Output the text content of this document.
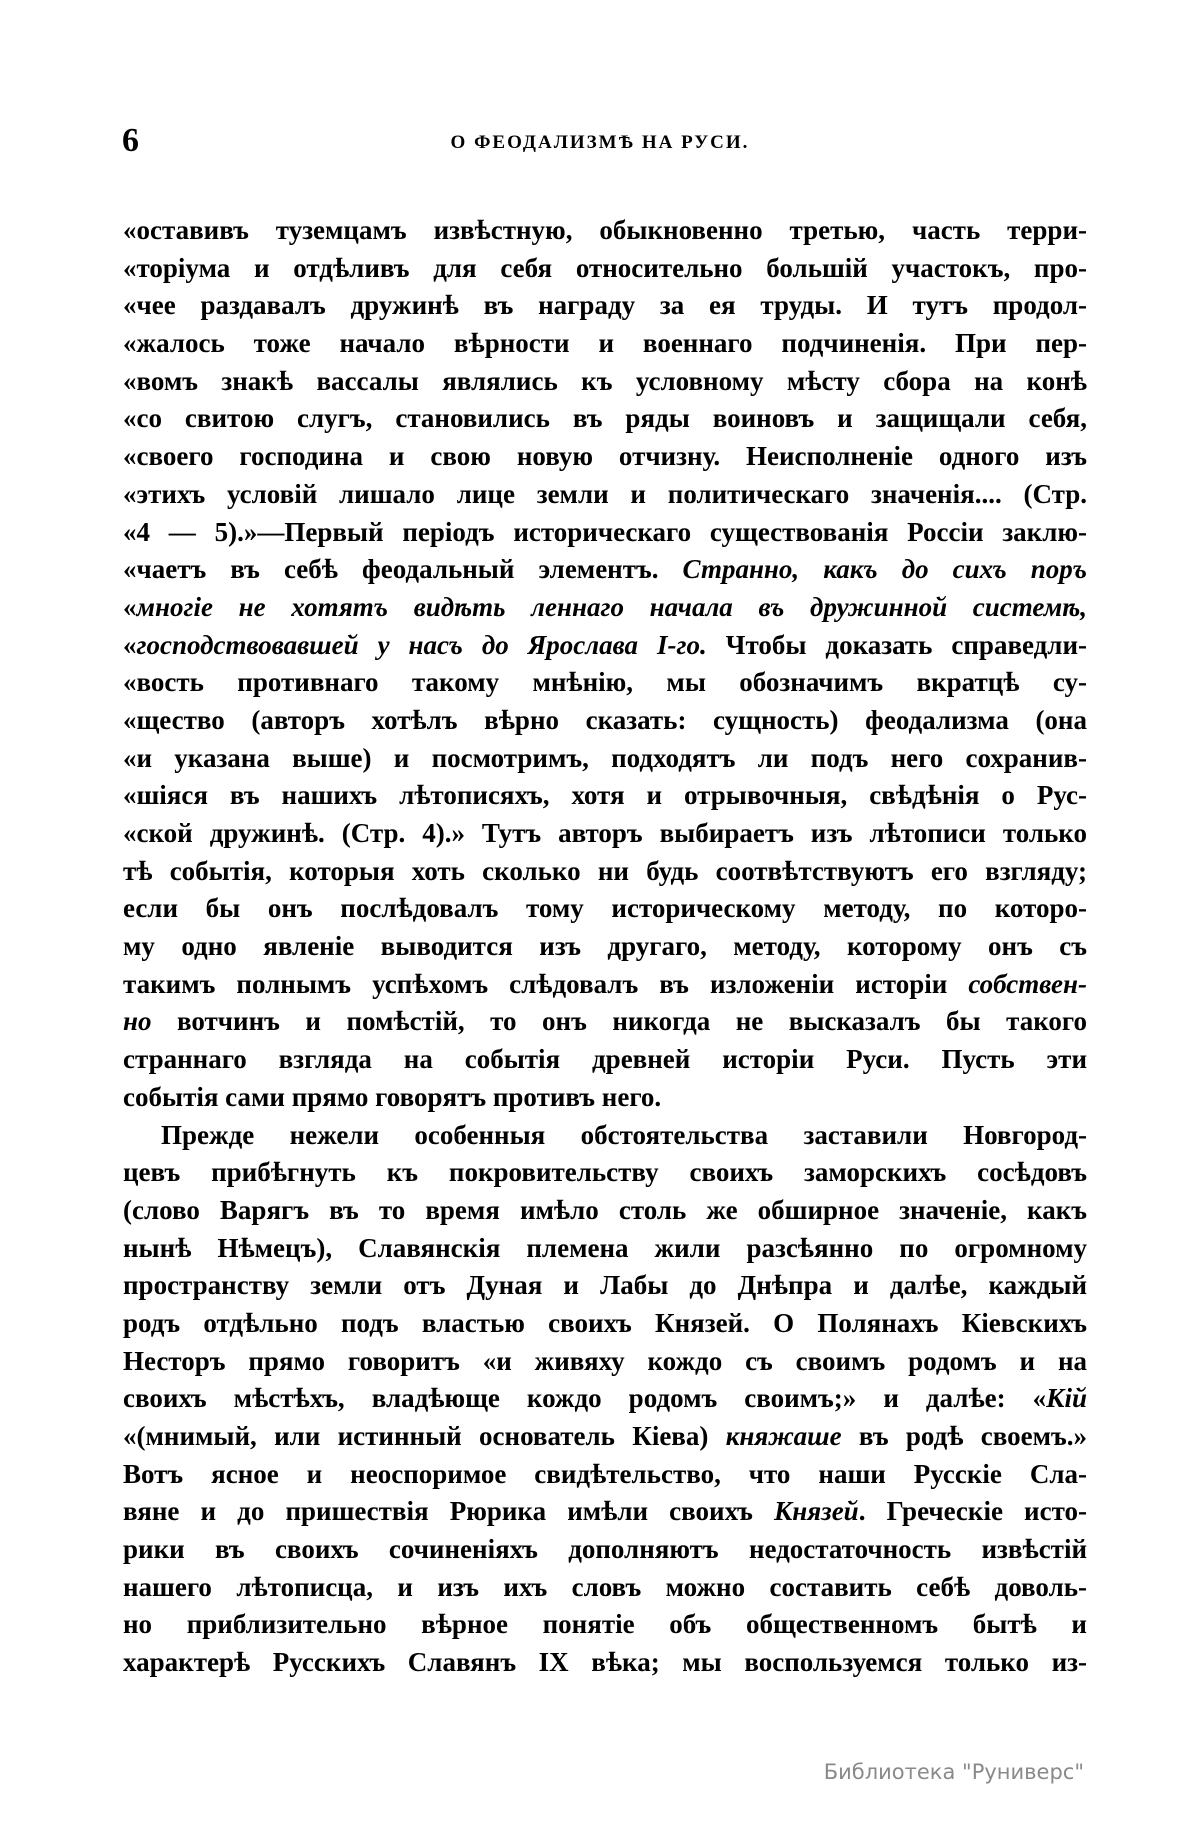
6	О ФЕОДАЛИЗМѢ НА РУСИ.
«оставивъ туземцамъ извѣстную, обыкновенно третью, часть терри-
«торіума и отдѣливъ для себя относительно большій участокъ, про-
«чее раздавалъ дружинѣ въ награду за ея труды. И тутъ продол-
«жалось тоже начало вѣрности и военнаго подчиненія. При пер-
«вомъ знакѣ вассалы являлись къ условному мѣсту сбора на конѣ
«со свитою слугъ, становились въ ряды воиновъ и защищали себя,
«своего господина и свою новую отчизну. Неисполненіе одного изъ
«этихъ условій лишало лице земли и политическаго значенія.... (Стр.
«4 — 5).»—Первый періодъ историческаго существованія Россіи заклю-
«чаетъ въ себѣ феодальный элементъ. Странно, какъ до сихъ поръ
«многіе не хотятъ видѣть леннаго начала въ дружинной системѣ,
«господствовавшей у насъ до Ярослава I-го. Чтобы доказать справедли-
«вость противнаго такому мнѣнію, мы обозначимъ вкратцѣ су-
«щество (авторъ хотѣлъ вѣрно сказать: сущность) феодализма (она
«и указана выше) и посмотримъ, подходятъ ли подъ него сохранив-
«шіяся въ нашихъ лѣтописяхъ, хотя и отрывочныя, свѣдѣнія о Рус-
«ской дружинѣ. (Стр. 4).» Тутъ авторъ выбираетъ изъ лѣтописи только
тѣ событія, которыя хоть сколько ни будь соотвѣтствуютъ его взгляду;
если бы онъ послѣдовалъ тому историческому методу, по которо-
му одно явленіе выводится изъ другаго, методу, которому онъ съ
такимъ полнымъ успѣхомъ слѣдовалъ въ изложеніи исторіи собствен-
но вотчинъ и помѣстій, то онъ никогда не высказалъ бы такого
страннаго взгляда на событія древней исторіи Руси. Пусть эти
событія сами прямо говорятъ противъ него.
Прежде нежели особенныя обстоятельства заставили Новгород-
цевъ прибѣгнуть къ покровительству своихъ заморскихъ сосѣдовъ
(слово Варягъ въ то время имѣло столь же обширное значеніе, какъ
нынѣ Нѣмецъ), Славянскія племена жили разсѣянно по огромному
пространству земли отъ Дуная и Лабы до Днѣпра и далѣе, каждый
родъ отдѣльно подъ властью своихъ Князей. О Полянахъ Кіевскихъ
Несторъ прямо говоритъ «и живяху кождо съ своимъ родомъ и на
своихъ мѣстѣхъ, владѣюще кождо родомъ своимъ;» и далѣе: «Кій
«(мнимый, или истинный основатель Кіева) княжаше въ родѣ своемъ.»
Вотъ ясное и неоспоримое свидѣтельство, что наши Русскіе Сла-
вяне и до пришествія Рюрика имѣли своихъ Князей. Греческіе исто-
рики въ своихъ сочиненіяхъ дополняютъ недостаточность извѣстій
нашего лѣтописца, и изъ ихъ словъ можно составить себѣ доволь-
но приблизительно вѣрное понятіе объ общественномъ бытѣ и
характерѣ Русскихъ Славянъ IX вѣка; мы воспользуемся только из-
Библиотека "Руниверс"
